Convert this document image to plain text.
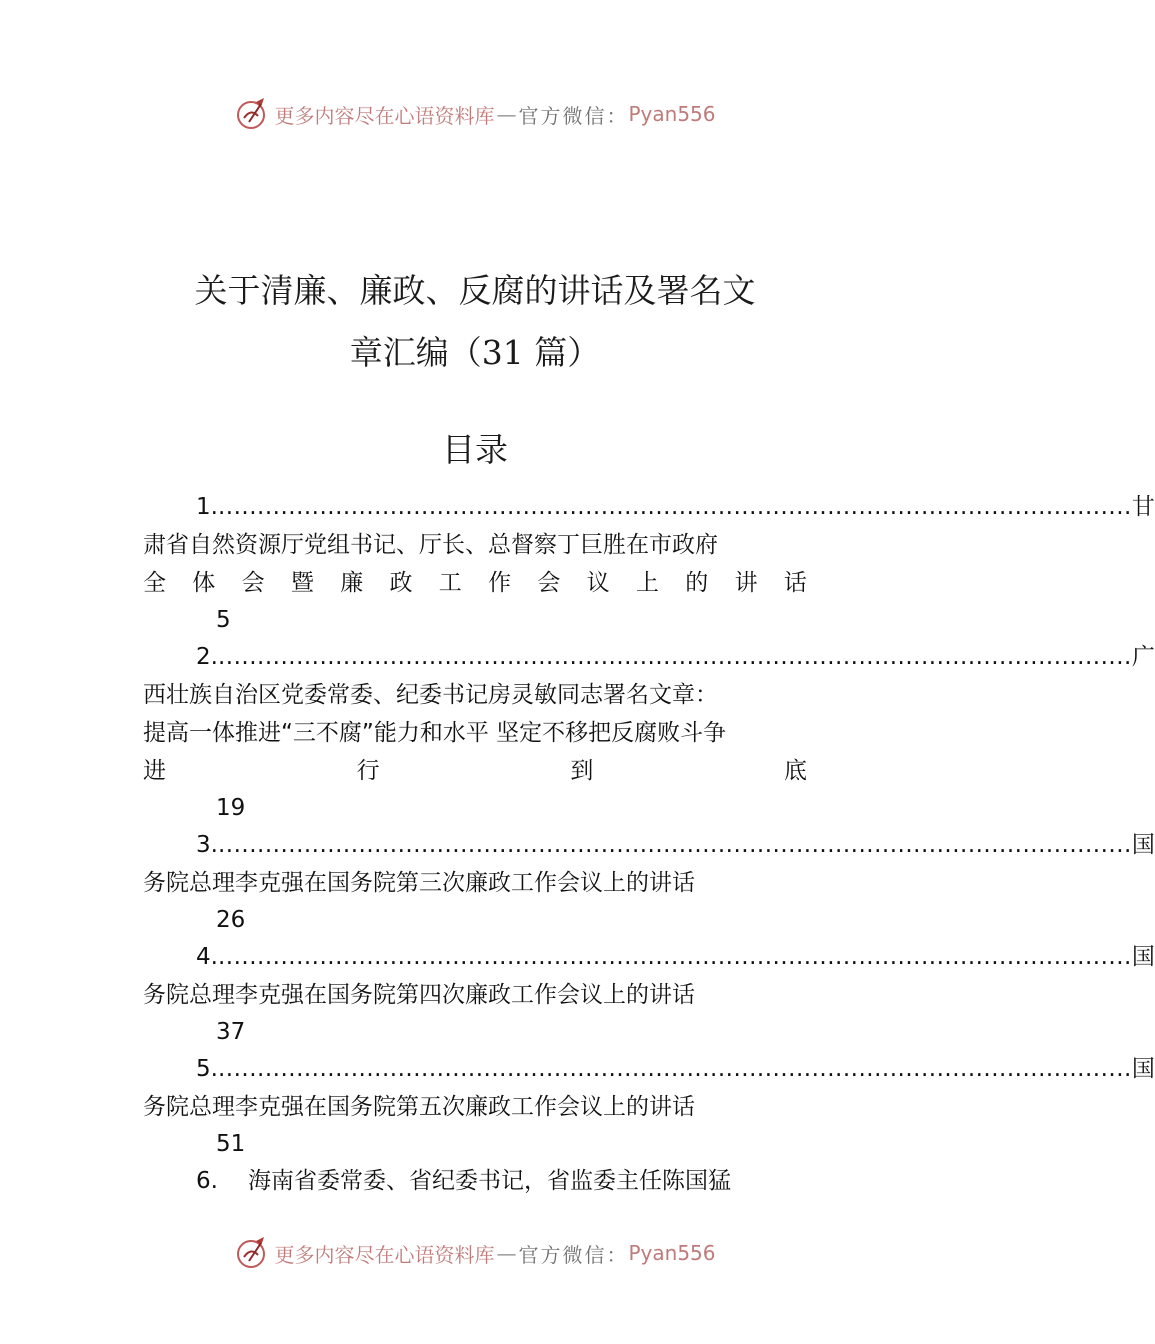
更多内容尽在心语资料库 — 官方微信： Pyan556
关于清廉、廉政、反腐的讲话及署名文
章汇编（31 篇）
目录
1. ..................................................................................................................... 甘
肃省自然资源厅党组书记、厅长、总督察丁巨胜在市政府
全 体 会 暨 廉 政 工 作 会 议 上 的 讲 话
5
2. ..................................................................................................................... 广
西壮族自治区党委常委、纪委书记房灵敏同志署名文章：
提高一体推进“三不腐”能力和水平 坚定不移把反腐败斗争
进	行	到	底
19
3. ..................................................................................................................... 国
务院总理李克强在国务院第三次廉政工作会议上的讲话
26
4. ..................................................................................................................... 国
务院总理李克强在国务院第四次廉政工作会议上的讲话
37
5. ..................................................................................................................... 国
务院总理李克强在国务院第五次廉政工作会议上的讲话
51
6.	海南省委常委、省纪委书记，省监委主任陈国猛
更多内容尽在心语资料库 — 官方微信： Pyan556
